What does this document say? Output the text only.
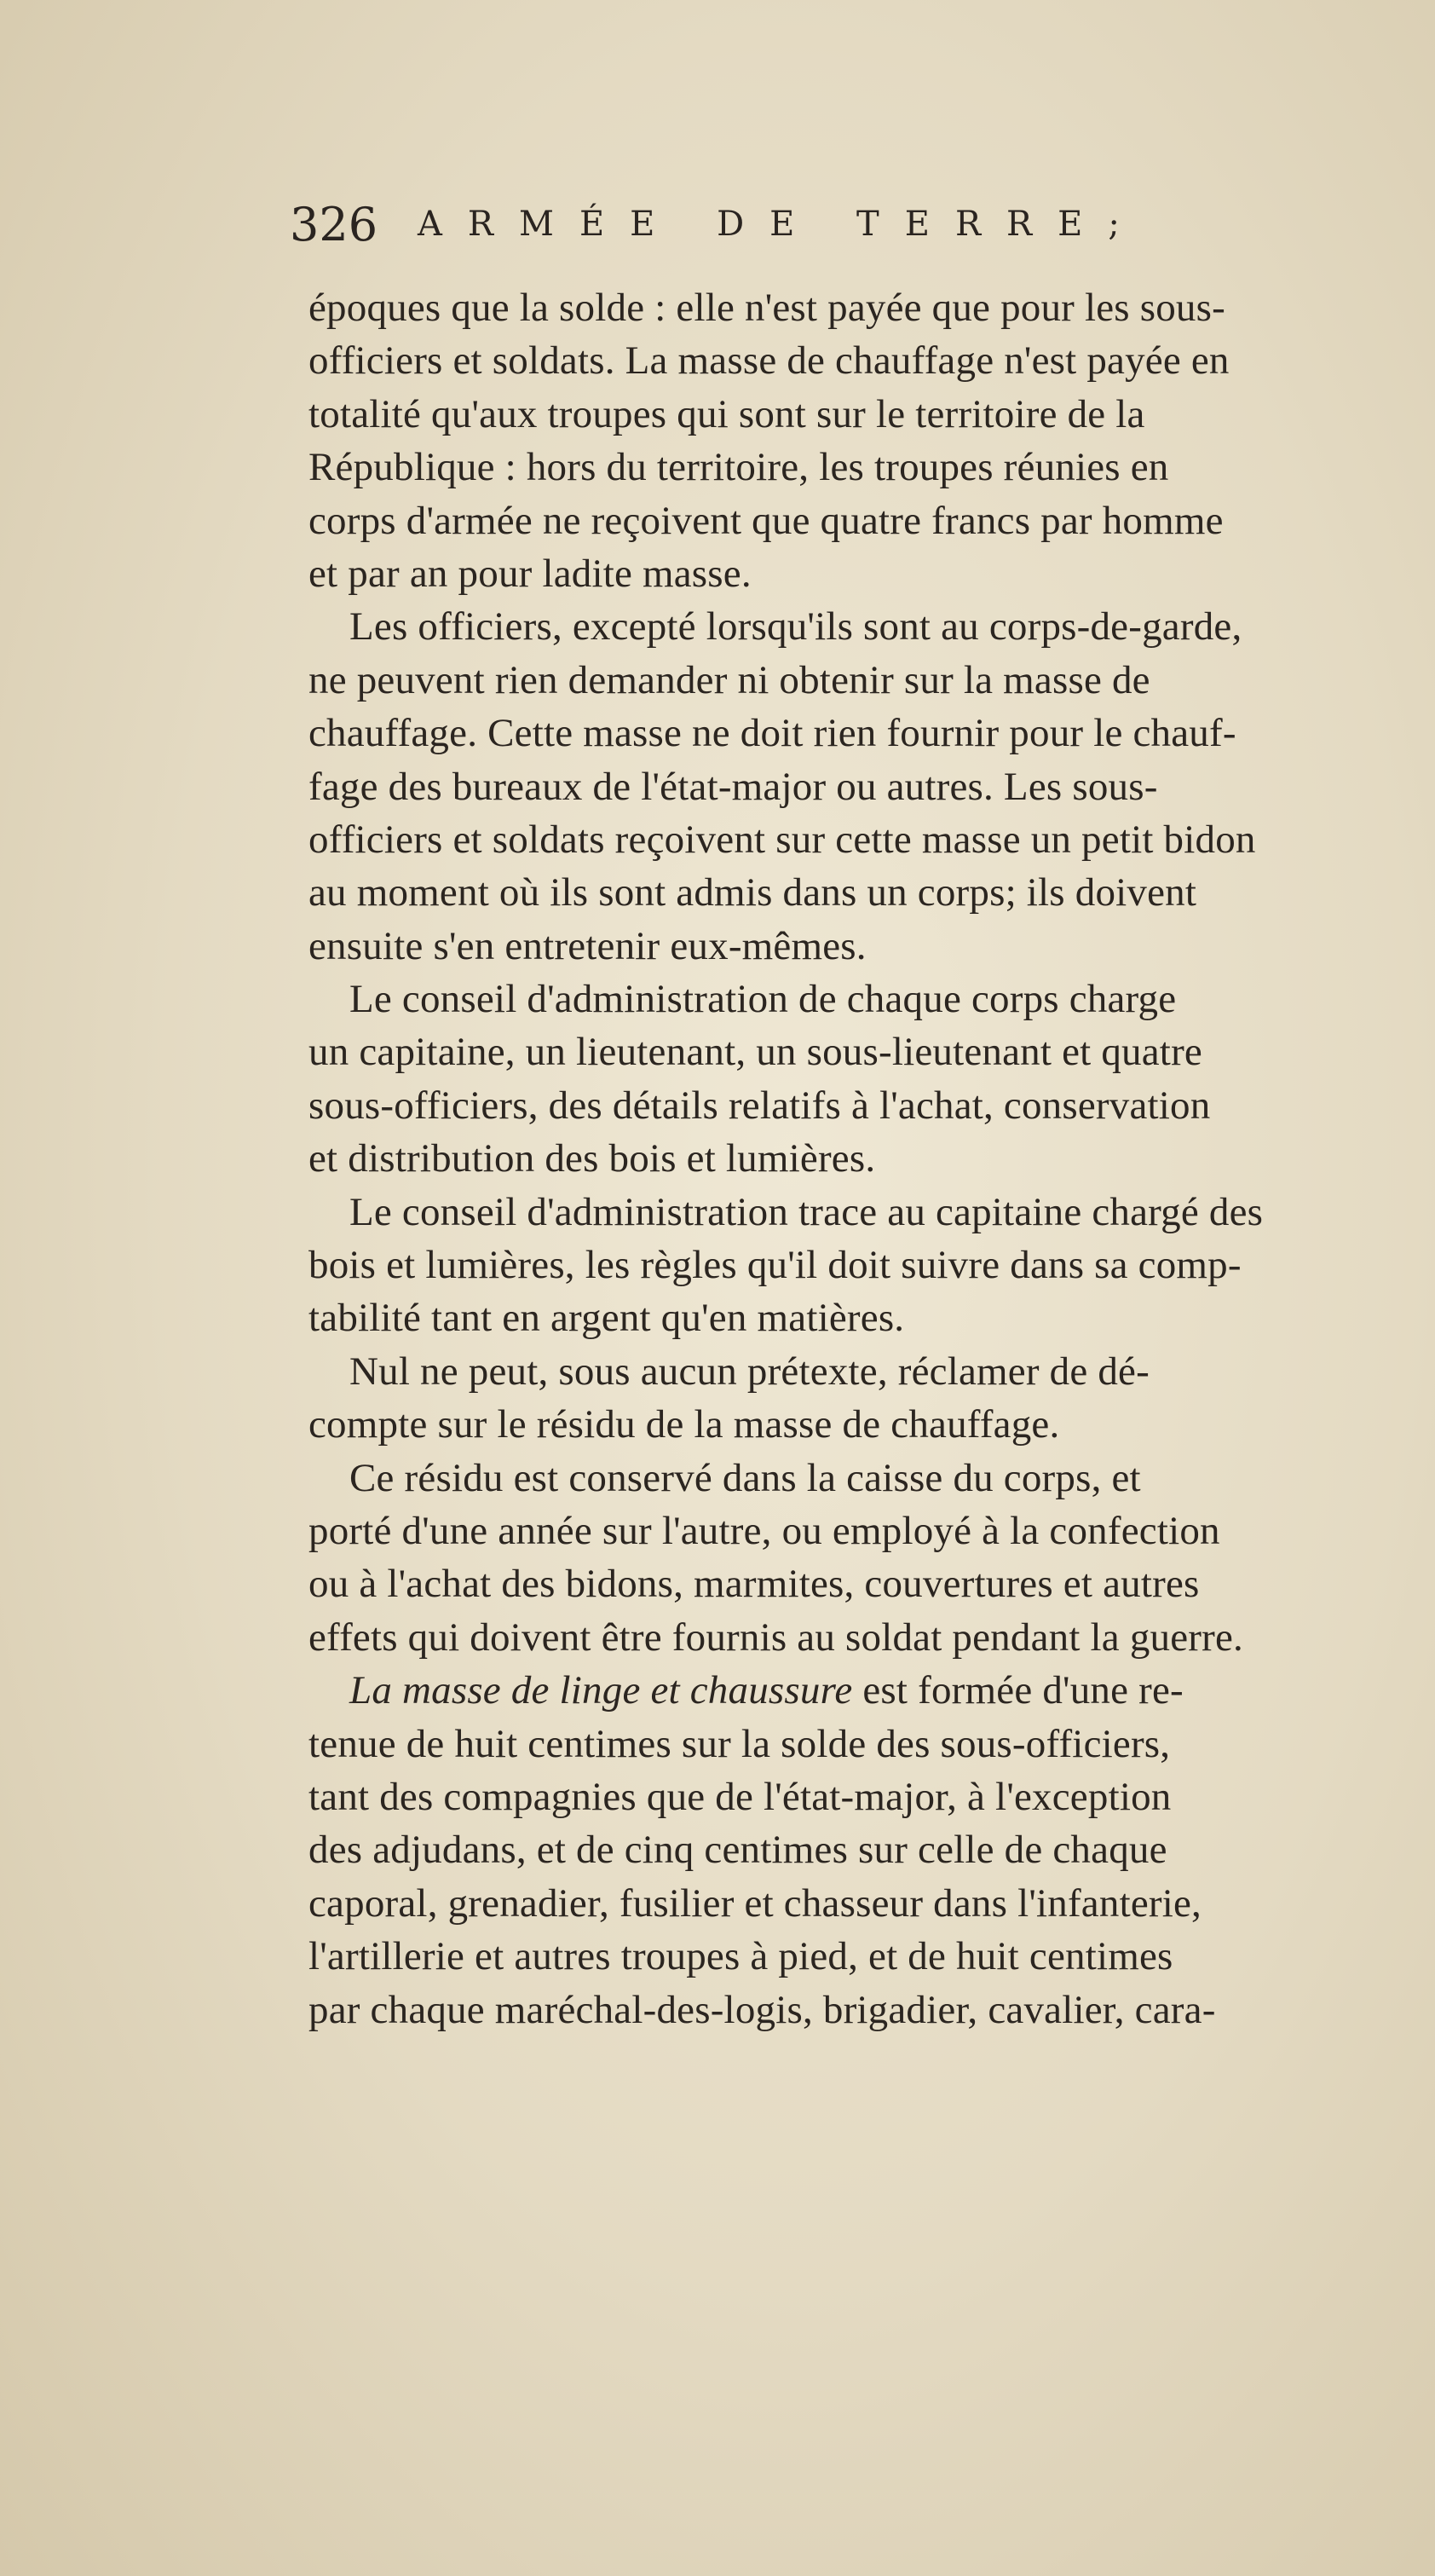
326 ARMÉE DE TERRE;
époques que la solde : elle n'est payée que pour les sous-
officiers et soldats. La masse de chauffage n'est payée en
totalité qu'aux troupes qui sont sur le territoire de la
République : hors du territoire, les troupes réunies en
corps d'armée ne reçoivent que quatre francs par homme
et par an pour ladite masse.
Les officiers, excepté lorsqu'ils sont au corps-de-garde,
ne peuvent rien demander ni obtenir sur la masse de
chauffage. Cette masse ne doit rien fournir pour le chauf-
fage des bureaux de l'état-major ou autres. Les sous-
officiers et soldats reçoivent sur cette masse un petit bidon
au moment où ils sont admis dans un corps; ils doivent
ensuite s'en entretenir eux-mêmes.
Le conseil d'administration de chaque corps charge
un capitaine, un lieutenant, un sous-lieutenant et quatre
sous-officiers, des détails relatifs à l'achat, conservation
et distribution des bois et lumières.
Le conseil d'administration trace au capitaine chargé des
bois et lumières, les règles qu'il doit suivre dans sa comp-
tabilité tant en argent qu'en matières.
Nul ne peut, sous aucun prétexte, réclamer de dé-
compte sur le résidu de la masse de chauffage.
Ce résidu est conservé dans la caisse du corps, et
porté d'une année sur l'autre, ou employé à la confection
ou à l'achat des bidons, marmites, couvertures et autres
effets qui doivent être fournis au soldat pendant la guerre.
La masse de linge et chaussure est formée d'une re-
tenue de huit centimes sur la solde des sous-officiers,
tant des compagnies que de l'état-major, à l'exception
des adjudans, et de cinq centimes sur celle de chaque
caporal, grenadier, fusilier et chasseur dans l'infanterie,
l'artillerie et autres troupes à pied, et de huit centimes
par chaque maréchal-des-logis, brigadier, cavalier, cara-
